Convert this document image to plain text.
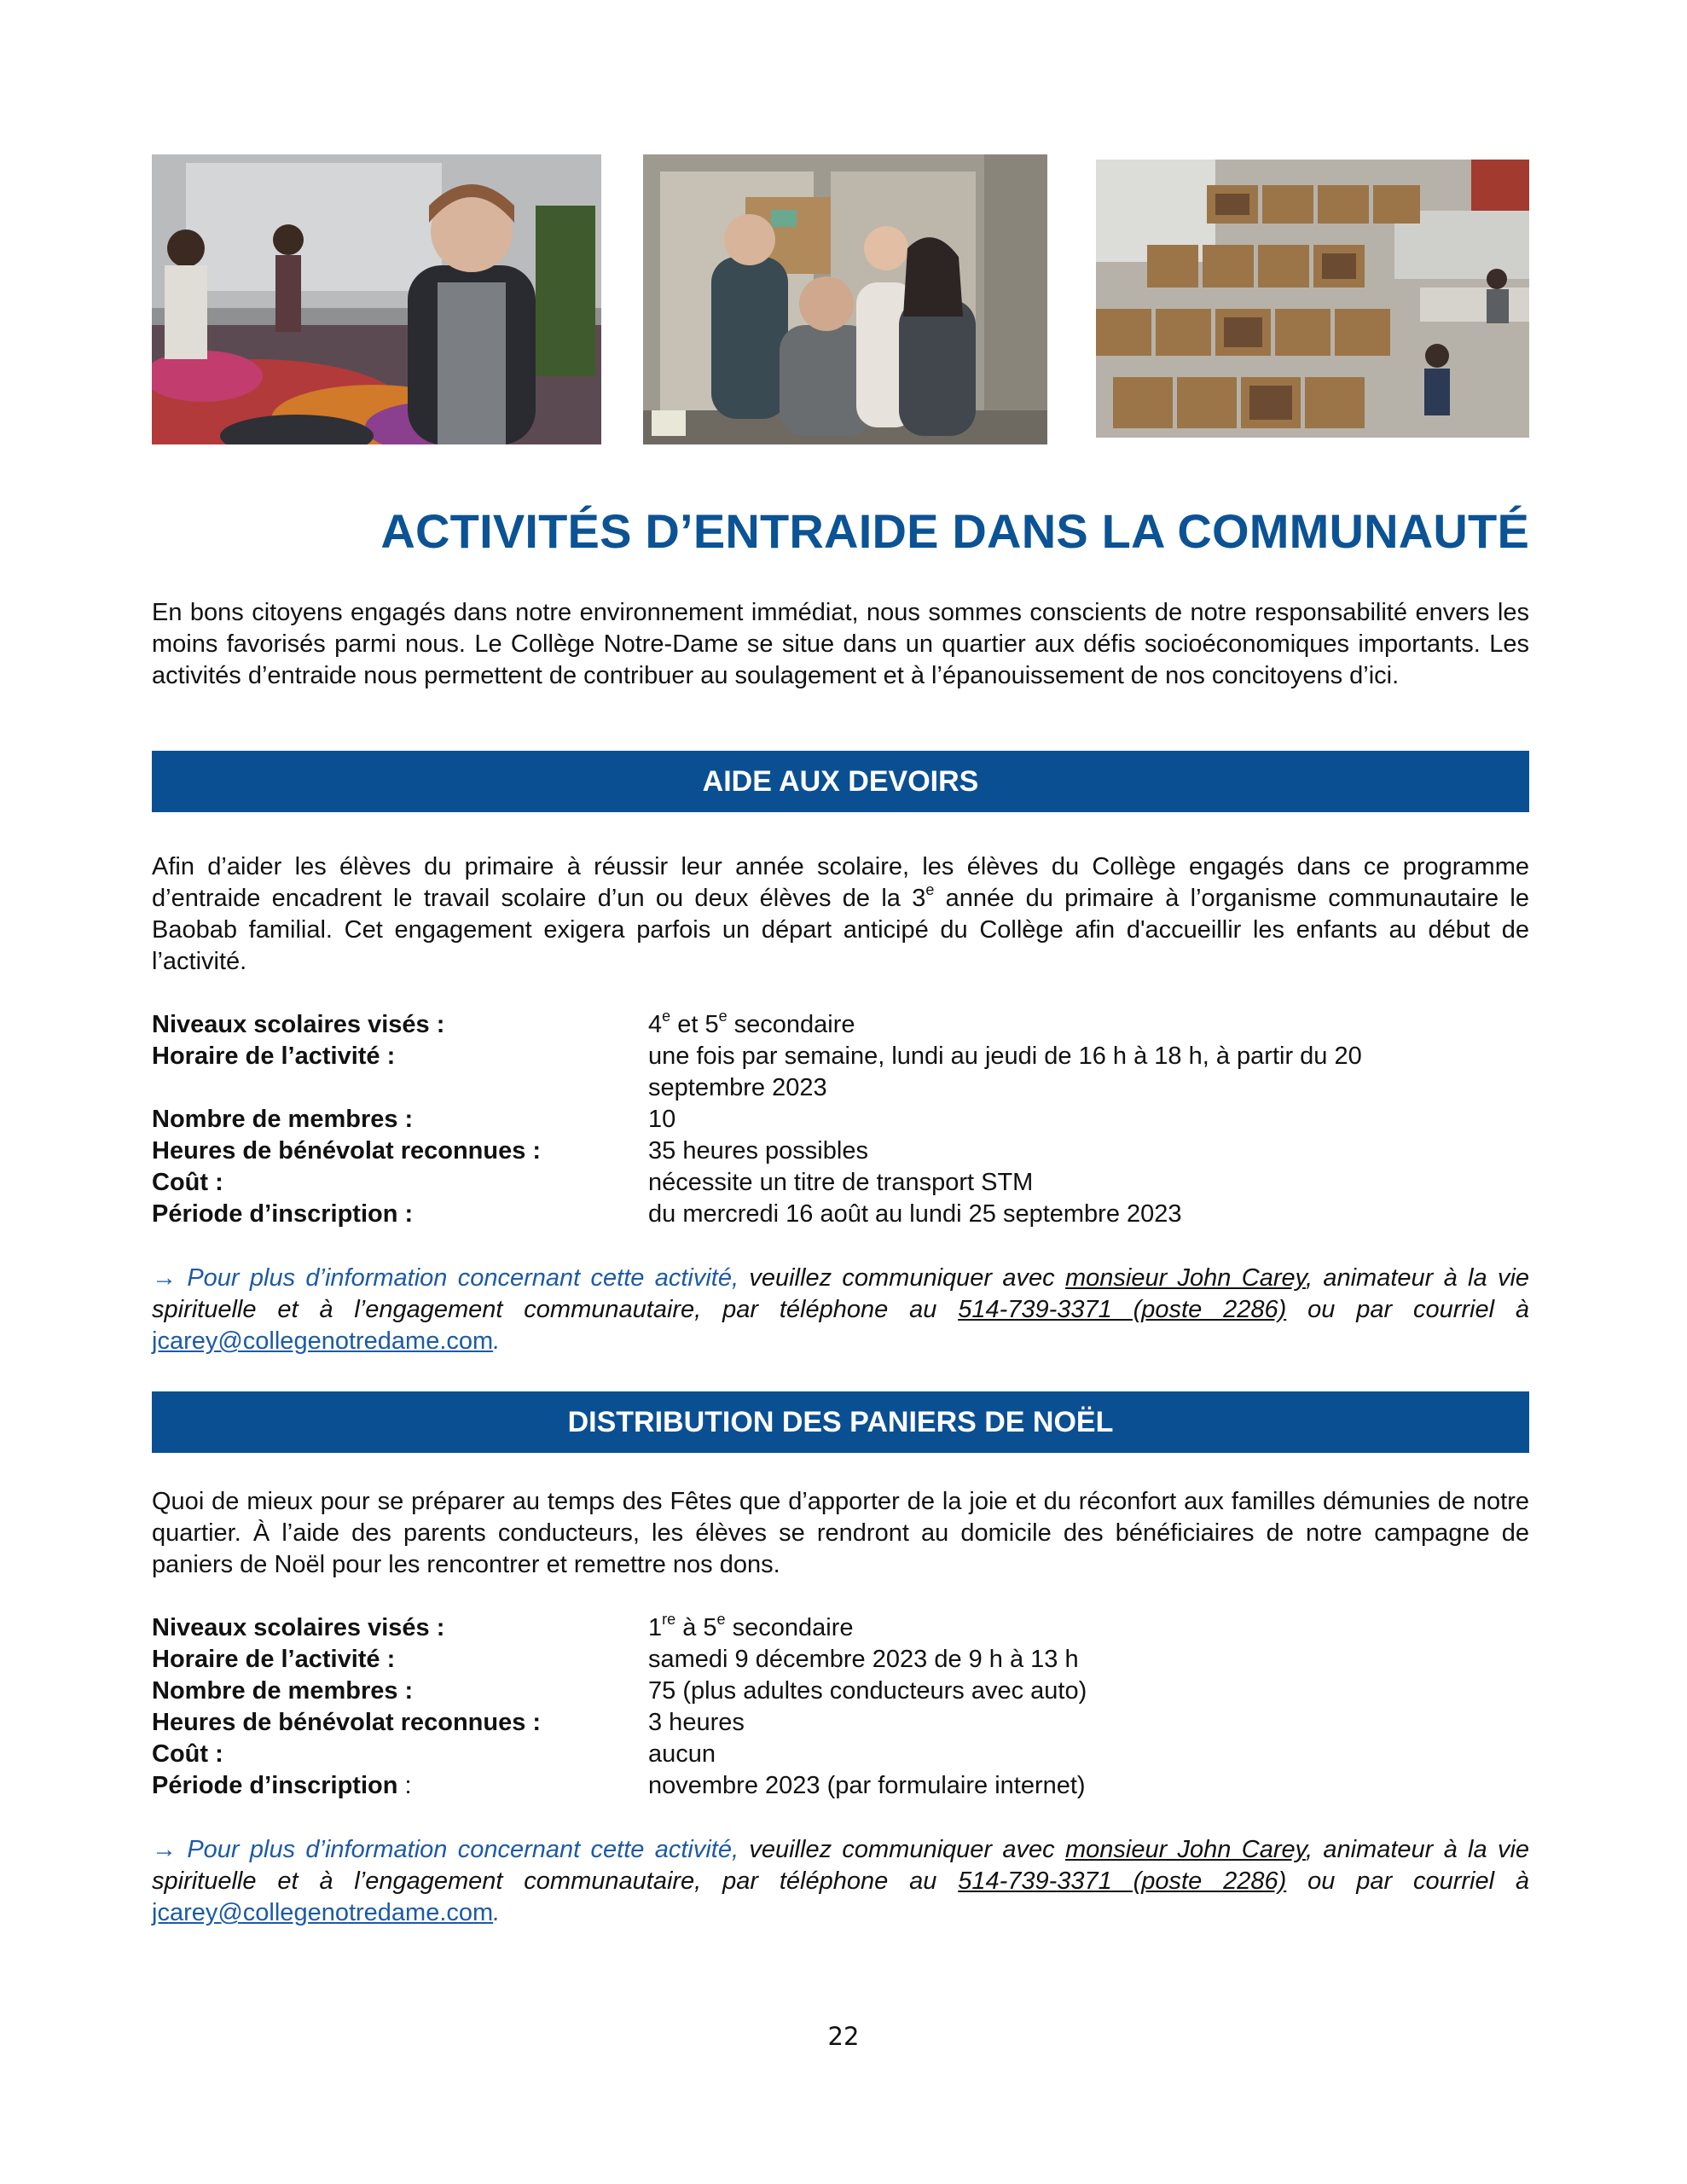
ACTIVITÉS D’ENTRAIDE DANS LA COMMUNAUTÉ

En bons citoyens engagés dans notre environnement immédiat, nous sommes conscients de notre responsabilité envers les moins favorisés parmi nous. Le Collège Notre-Dame se situe dans un quartier aux défis socioéconomiques importants. Les activités d’entraide nous permettent de contribuer au soulagement et à l’épanouissement de nos concitoyens d’ici.

AIDE AUX DEVOIRS

Afin d’aider les élèves du primaire à réussir leur année scolaire, les élèves du Collège engagés dans ce programme d’entraide encadrent le travail scolaire d’un ou deux élèves de la 3e année du primaire à l’organisme communautaire le Baobab familial. Cet engagement exigera parfois un départ anticipé du Collège afin d'accueillir les enfants au début de l’activité.

Niveaux scolaires visés :	4e et 5e secondaire
Horaire de l’activité :	une fois par semaine, lundi au jeudi de 16 h à 18 h, à partir du 20 septembre 2023
Nombre de membres :	10
Heures de bénévolat reconnues :	35 heures possibles
Coût :	nécessite un titre de transport STM
Période d’inscription :	du mercredi 16 août au lundi 25 septembre 2023

→ Pour plus d’information concernant cette activité, veuillez communiquer avec monsieur John Carey, animateur à la vie spirituelle et à l’engagement communautaire, par téléphone au 514-739-3371 (poste 2286) ou par courriel à jcarey@collegenotredame.com.

DISTRIBUTION DES PANIERS DE NOËL

Quoi de mieux pour se préparer au temps des Fêtes que d’apporter de la joie et du réconfort aux familles démunies de notre quartier. À l’aide des parents conducteurs, les élèves se rendront au domicile des bénéficiaires de notre campagne de paniers de Noël pour les rencontrer et remettre nos dons.

Niveaux scolaires visés :	1re à 5e secondaire
Horaire de l’activité :	samedi 9 décembre 2023 de 9 h à 13 h
Nombre de membres :	75 (plus adultes conducteurs avec auto)
Heures de bénévolat reconnues :	3 heures
Coût :	aucun
Période d’inscription :	novembre 2023 (par formulaire internet)

→ Pour plus d’information concernant cette activité, veuillez communiquer avec monsieur John Carey, animateur à la vie spirituelle et à l’engagement communautaire, par téléphone au 514-739-3371 (poste 2286) ou par courriel à jcarey@collegenotredame.com.

22
